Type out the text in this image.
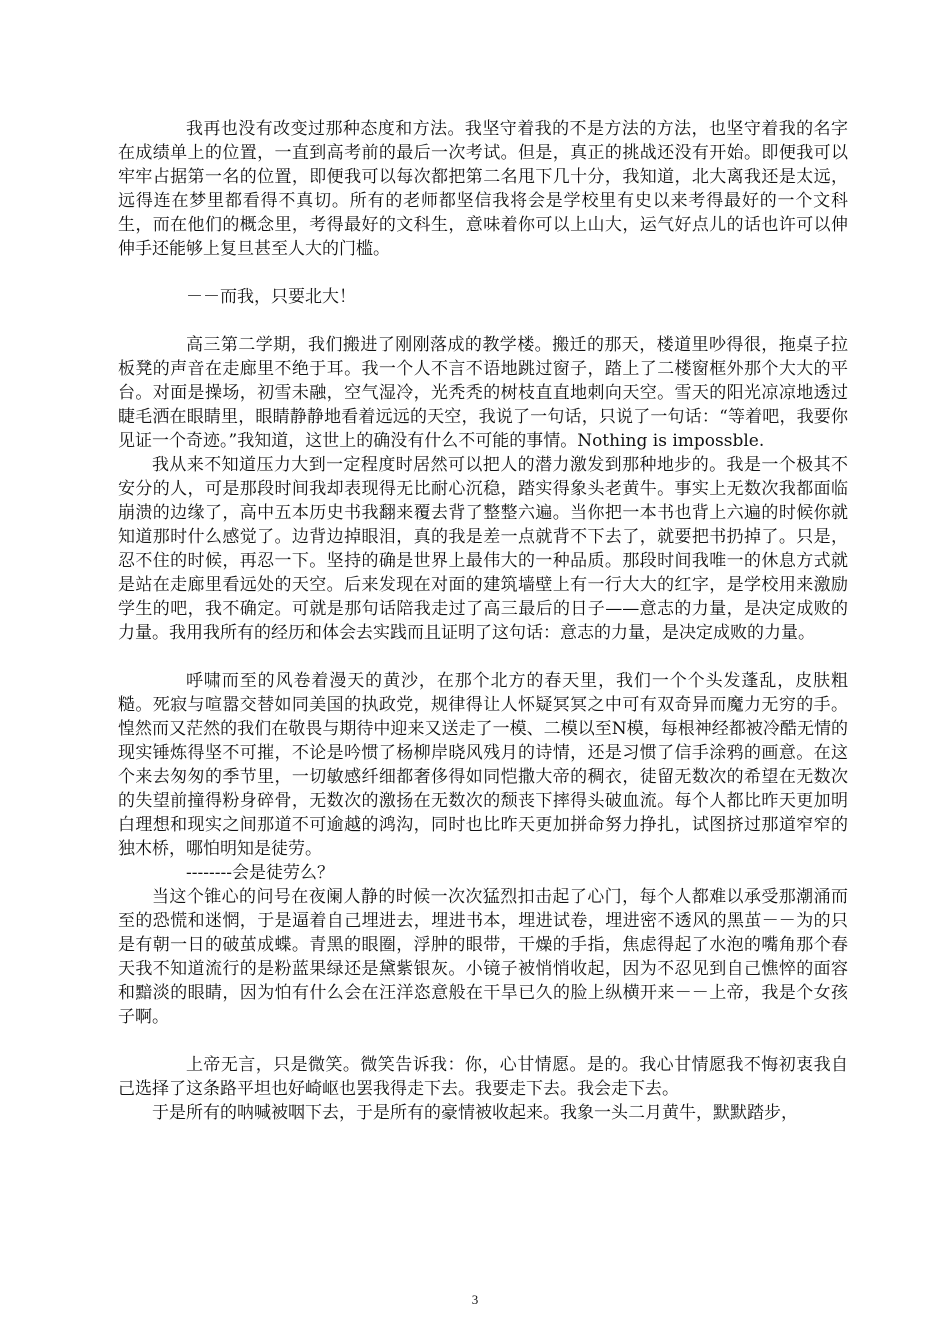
我再也没有改变过那种态度和方法。我坚守着我的不是方法的方法，也坚守着我的名字在成绩单上的位置，一直到高考前的最后一次考试。但是，真正的挑战还没有开始。即便我可以牢牢占据第一名的位置，即便我可以每次都把第二名甩下几十分，我知道，北大离我还是太远，远得连在梦里都看得不真切。所有的老师都坚信我将会是学校里有史以来考得最好的一个文科生，而在他们的概念里，考得最好的文科生，意味着你可以上山大，运气好点儿的话也许可以伸伸手还能够上复旦甚至人大的门槛。

－－而我，只要北大！

高三第二学期，我们搬进了刚刚落成的教学楼。搬迁的那天，楼道里吵得很，拖桌子拉板凳的声音在走廊里不绝于耳。我一个人不言不语地跳过窗子，踏上了二楼窗框外那个大大的平台。对面是操场，初雪未融，空气湿冷，光秃秃的树枝直直地刺向天空。雪天的阳光凉凉地透过睫毛洒在眼睛里，眼睛静静地看着远远的天空，我说了一句话，只说了一句话：“等着吧，我要你见证一个奇迹。”我知道，这世上的确没有什么不可能的事情。Nothing is impossble.

我从来不知道压力大到一定程度时居然可以把人的潜力激发到那种地步的。我是一个极其不安分的人，可是那段时间我却表现得无比耐心沉稳，踏实得象头老黄牛。事实上无数次我都面临崩溃的边缘了，高中五本历史书我翻来覆去背了整整六遍。当你把一本书也背上六遍的时候你就知道那时什么感觉了。边背边掉眼泪，真的我是差一点就背不下去了，就要把书扔掉了。只是，忍不住的时候，再忍一下。坚持的确是世界上最伟大的一种品质。那段时间我唯一的休息方式就是站在走廊里看远处的天空。后来发现在对面的建筑墙壁上有一行大大的红字，是学校用来激励学生的吧，我不确定。可就是那句话陪我走过了高三最后的日子——意志的力量，是决定成败的力量。我用我所有的经历和体会去实践而且证明了这句话：意志的力量，是决定成败的力量。

呼啸而至的风卷着漫天的黄沙，在那个北方的春天里，我们一个个头发蓬乱，皮肤粗糙。死寂与喧嚣交替如同美国的执政党，规律得让人怀疑冥冥之中可有双奇异而魔力无穷的手。惶然而又茫然的我们在敬畏与期待中迎来又送走了一模、二模以至N模，每根神经都被冷酷无情的现实锤炼得坚不可摧，不论是吟惯了杨柳岸晓风残月的诗情，还是习惯了信手涂鸦的画意。在这个来去匆匆的季节里，一切敏感纤细都奢侈得如同恺撒大帝的稠衣，徒留无数次的希望在无数次的失望前撞得粉身碎骨，无数次的激扬在无数次的颓丧下摔得头破血流。每个人都比昨天更加明白理想和现实之间那道不可逾越的鸿沟，同时也比昨天更加拼命努力挣扎，试图挤过那道窄窄的独木桥，哪怕明知是徒劳。

--------会是徒劳么？

当这个锥心的问号在夜阑人静的时候一次次猛烈扣击起了心门，每个人都难以承受那潮涌而至的恐慌和迷惘，于是逼着自己埋进去，埋进书本，埋进试卷，埋进密不透风的黑茧－－为的只是有朝一日的破茧成蝶。青黑的眼圈，浮肿的眼带，干燥的手指，焦虑得起了水泡的嘴角那个春天我不知道流行的是粉蓝果绿还是黛紫银灰。小镜子被悄悄收起，因为不忍见到自己憔悴的面容和黯淡的眼睛，因为怕有什么会在汪洋恣意般在干旱已久的脸上纵横开来－－上帝，我是个女孩子啊。

上帝无言，只是微笑。微笑告诉我：你，心甘情愿。是的。我心甘情愿我不悔初衷我自己选择了这条路平坦也好崎岖也罢我得走下去。我要走下去。我会走下去。

于是所有的呐喊被咽下去，于是所有的豪情被收起来。我象一头二月黄牛，默默踏步，

3
